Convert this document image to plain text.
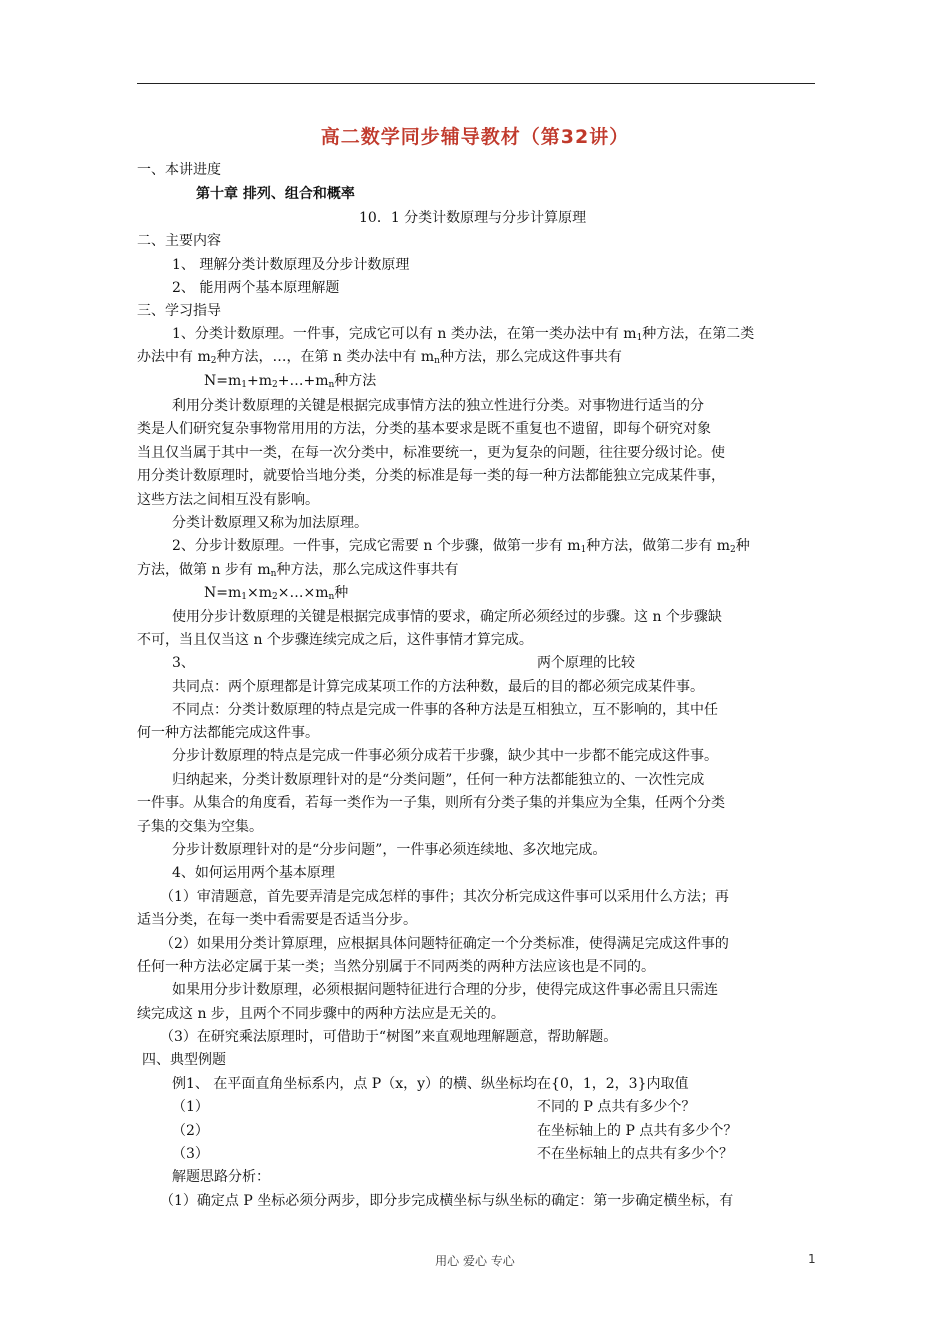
高二数学同步辅导教材（第32讲）
一、本讲进度
第十章 排列、组合和概率
10．1 分类计数原理与分步计算原理
二、主要内容
1、 理解分类计数原理及分步计数原理
2、 能用两个基本原理解题
三、学习指导
1、分类计数原理。一件事，完成它可以有 n 类办法，在第一类办法中有 $m_1$种方法，在第二类
办法中有 $m_2$种方法，…，在第 n 类办法中有 $m_n$种方法，那么完成这件事共有
$N=m_1+m_2+\dots+m_n$种方法
利用分类计数原理的关键是根据完成事情方法的独立性进行分类。对事物进行适当的分
类是人们研究复杂事物常用用的方法，分类的基本要求是既不重复也不遗留，即每个研究对象
当且仅当属于其中一类，在每一次分类中，标准要统一，更为复杂的问题，往往要分级讨论。使
用分类计数原理时，就要恰当地分类，分类的标准是每一类的每一种方法都能独立完成某件事，
这些方法之间相互没有影响。
分类计数原理又称为加法原理。
2、分步计数原理。一件事，完成它需要 n 个步骤，做第一步有 $m_1$种方法，做第二步有 $m_2$种
方法，做第 n 步有 $m_n$种方法，那么完成这件事共有
$N=m_1\times m_2\times\dots\times m_n$种
使用分步计数原理的关键是根据完成事情的要求，确定所必须经过的步骤。这 n 个步骤缺
不可，当且仅当这 n 个步骤连续完成之后，这件事情才算完成。
3、	两个原理的比较
共同点：两个原理都是计算完成某项工作的方法种数，最后的目的都必须完成某件事。
不同点：分类计数原理的特点是完成一件事的各种方法是互相独立，互不影响的，其中任
何一种方法都能完成这件事。
分步计数原理的特点是完成一件事必须分成若干步骤，缺少其中一步都不能完成这件事。
归纳起来，分类计数原理针对的是“分类问题”，任何一种方法都能独立的、一次性完成
一件事。从集合的角度看，若每一类作为一子集，则所有分类子集的并集应为全集，任两个分类
子集的交集为空集。
分步计数原理针对的是“分步问题”，一件事必须连续地、多次地完成。
4、如何运用两个基本原理
（1）审清题意，首先要弄清是完成怎样的事件；其次分析完成这件事可以采用什么方法；再
适当分类，在每一类中看需要是否适当分步。
（2）如果用分类计算原理，应根据具体问题特征确定一个分类标准，使得满足完成这件事的
任何一种方法必定属于某一类；当然分别属于不同两类的两种方法应该也是不同的。
如果用分步计数原理，必须根据问题特征进行合理的分步，使得完成这件事必需且只需连
续完成这 n 步，且两个不同步骤中的两种方法应是无关的。
（3）在研究乘法原理时，可借助于“树图”来直观地理解题意，帮助解题。
四、典型例题
例1、 在平面直角坐标系内，点 P（x，y）的横、纵坐标均在{0，1，2，3}内取值
（1）	不同的 P 点共有多少个？
（2）	在坐标轴上的 P 点共有多少个？
（3）	不在坐标轴上的点共有多少个？
解题思路分析：
（1）确定点 P 坐标必须分两步，即分步完成横坐标与纵坐标的确定：第一步确定横坐标，有
用心 爱心 专心	1
